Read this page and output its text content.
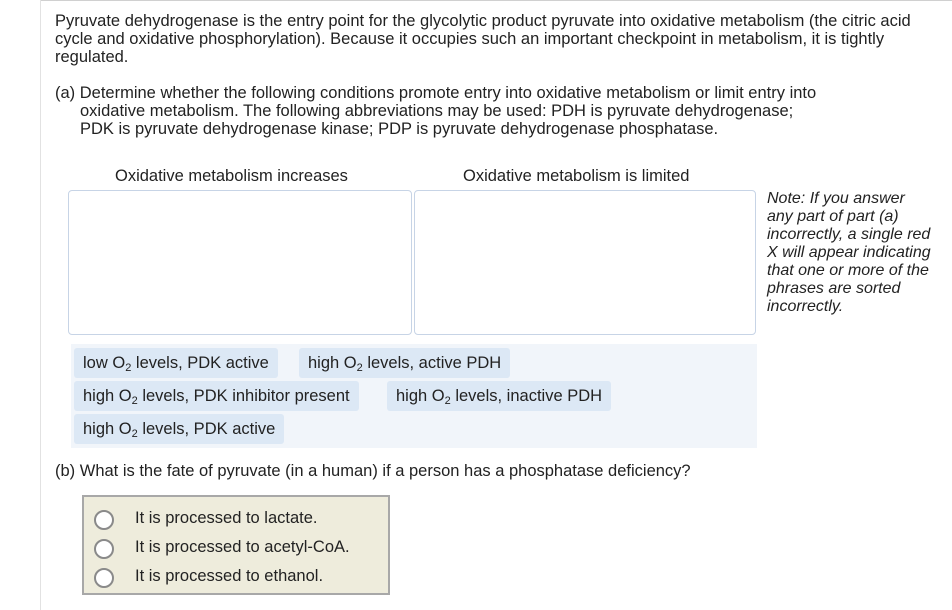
Pyruvate dehydrogenase is the entry point for the glycolytic product pyruvate into oxidative metabolism (the citric acid cycle and oxidative phosphorylation). Because it occupies such an important checkpoint in metabolism, it is tightly regulated.

(a) Determine whether the following conditions promote entry into oxidative metabolism or limit entry into

oxidative metabolism. The following abbreviations may be used: PDH is pyruvate dehydrogenase;
PDK is pyruvate dehydrogenase kinase; PDP is pyruvate dehydrogenase phosphatase.

Oxidative metabolism increases	Oxidative metabolism is limited
Note: If you answer any part of part (a) incorrectly, a single red X will appear indicating that one or more of the phrases are sorted incorrectly.
low $O_2$ levels, PDK active	high $O_2$ levels, active PDH
high $O_2$ levels, PDK inhibitor present	high $O_2$ levels, inactive PDH
high $O_2$ levels, PDK active
(b) What is the fate of pyruvate (in a human) if a person has a phosphatase deficiency?
It is processed to lactate.
It is processed to acetyl-CoA.
It is processed to ethanol.
